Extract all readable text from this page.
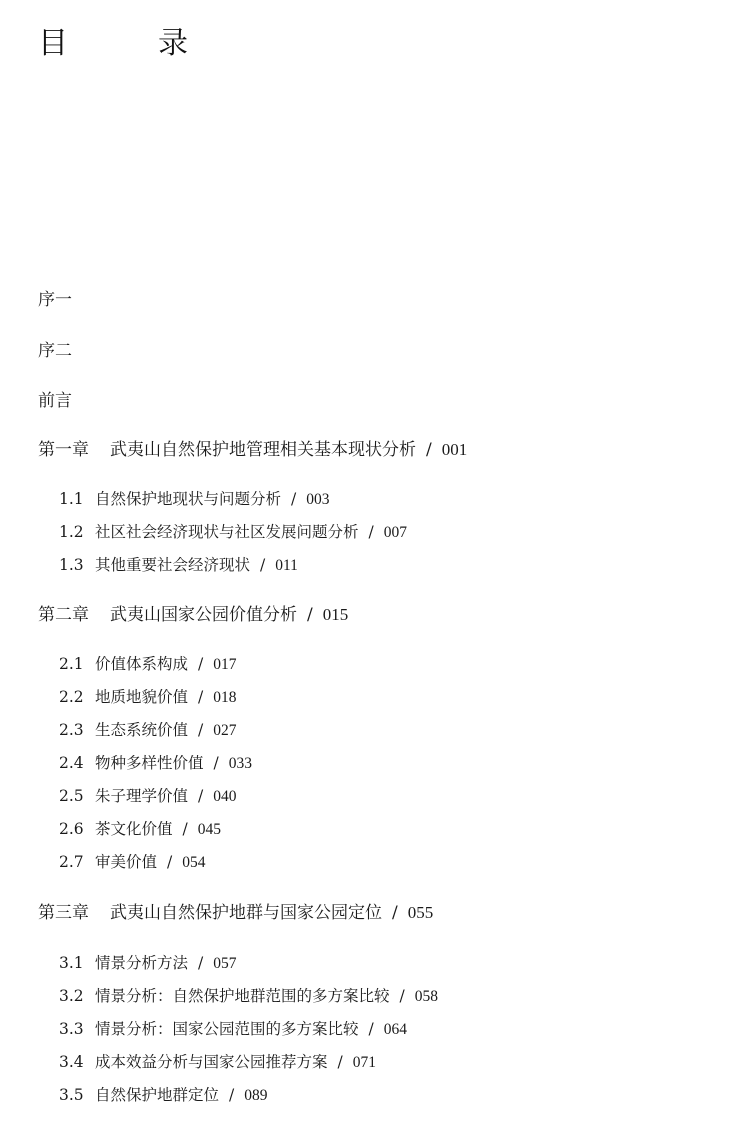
目　录
序一
序二
前言
第一章 武夷山自然保护地管理相关基本现状分析 / 001
1.1 自然保护地现状与问题分析 / 003
1.2 社区社会经济现状与社区发展问题分析 / 007
1.3 其他重要社会经济现状 / 011
第二章 武夷山国家公园价值分析 / 015
2.1 价值体系构成 / 017
2.2 地质地貌价值 / 018
2.3 生态系统价值 / 027
2.4 物种多样性价值 / 033
2.5 朱子理学价值 / 040
2.6 茶文化价值 / 045
2.7 审美价值 / 054
第三章 武夷山自然保护地群与国家公园定位 / 055
3.1 情景分析方法 / 057
3.2 情景分析：自然保护地群范围的多方案比较 / 058
3.3 情景分析：国家公园范围的多方案比较 / 064
3.4 成本效益分析与国家公园推荐方案 / 071
3.5 自然保护地群定位 / 089
